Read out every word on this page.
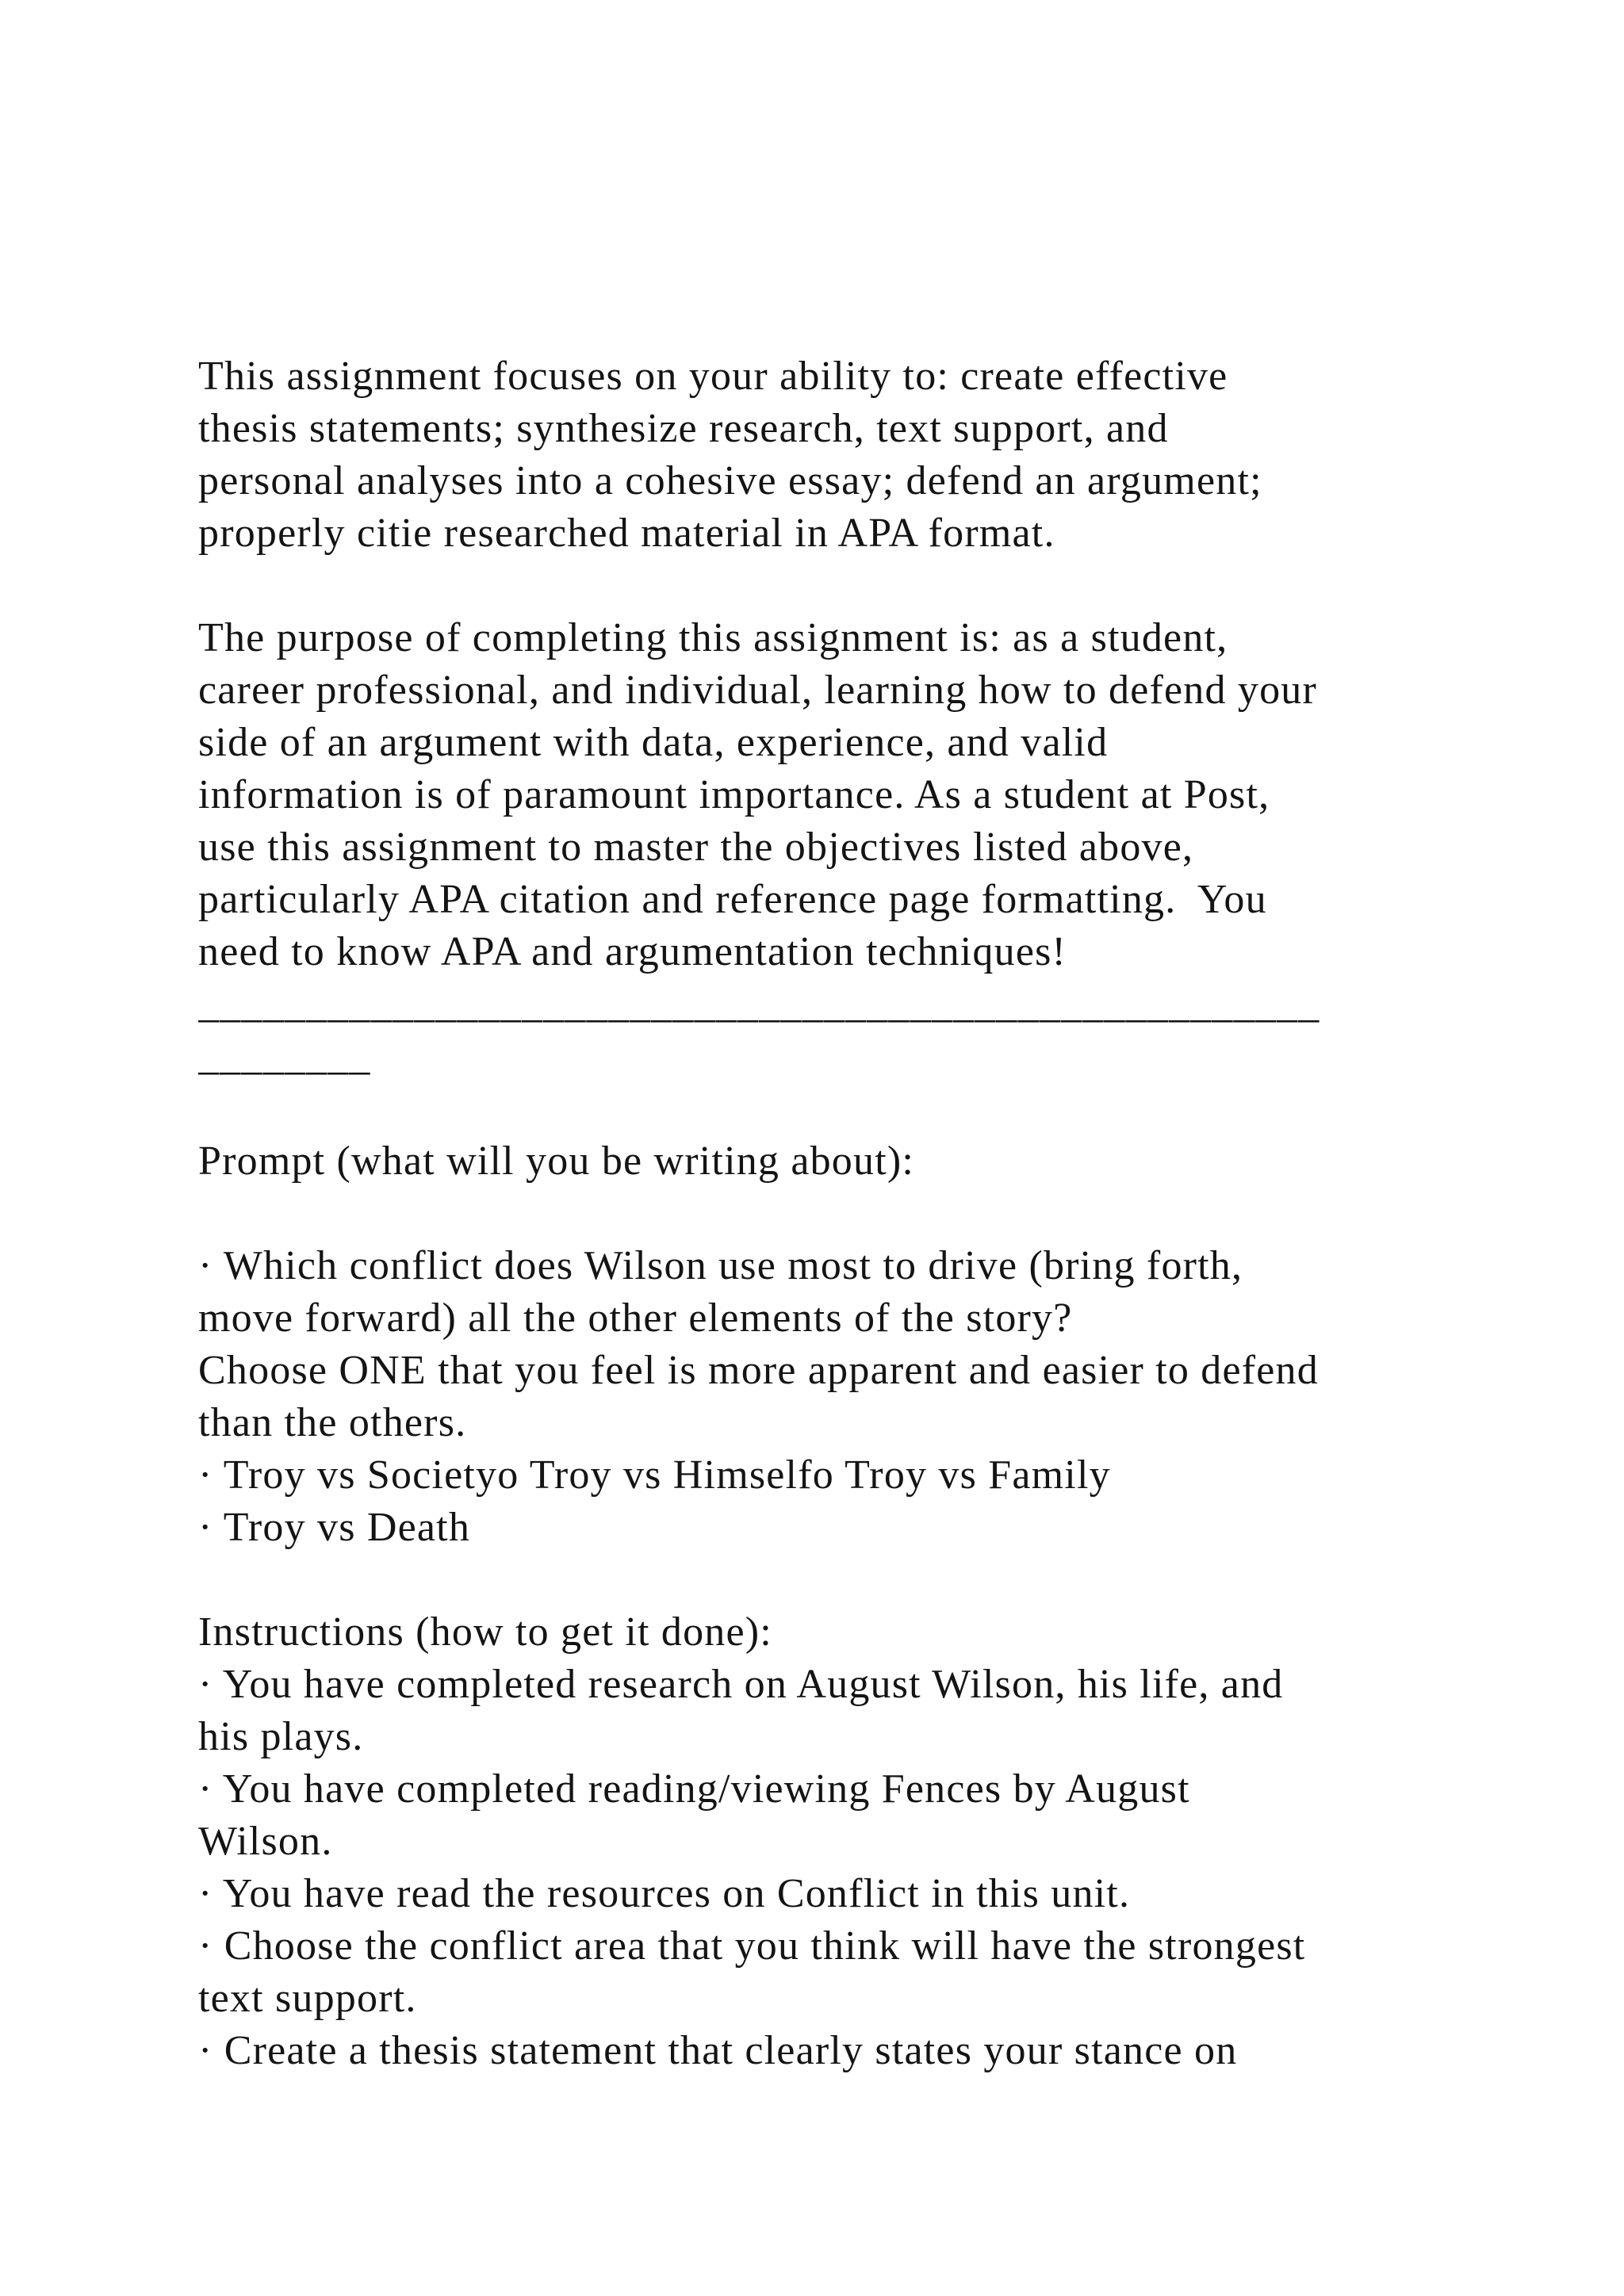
This assignment focuses on your ability to: create effective
thesis statements; synthesize research, text support, and
personal analyses into a cohesive essay; defend an argument;
properly citie researched material in APA format.
The purpose of completing this assignment is: as a student,
career professional, and individual, learning how to defend your
side of an argument with data, experience, and valid
information is of paramount importance. As a student at Post,
use this assignment to master the objectives listed above,
particularly APA citation and reference page formatting.  You
need to know APA and argumentation techniques!
____________________________________________________
________
Prompt (what will you be writing about):
· Which conflict does Wilson use most to drive (bring forth,
move forward) all the other elements of the story?
Choose ONE that you feel is more apparent and easier to defend
than the others.
· Troy vs Societyo Troy vs Himselfo Troy vs Family
· Troy vs Death
Instructions (how to get it done):
· You have completed research on August Wilson, his life, and
his plays.
· You have completed reading/viewing Fences by August
Wilson.
· You have read the resources on Conflict in this unit.
· Choose the conflict area that you think will have the strongest
text support.
· Create a thesis statement that clearly states your stance on
